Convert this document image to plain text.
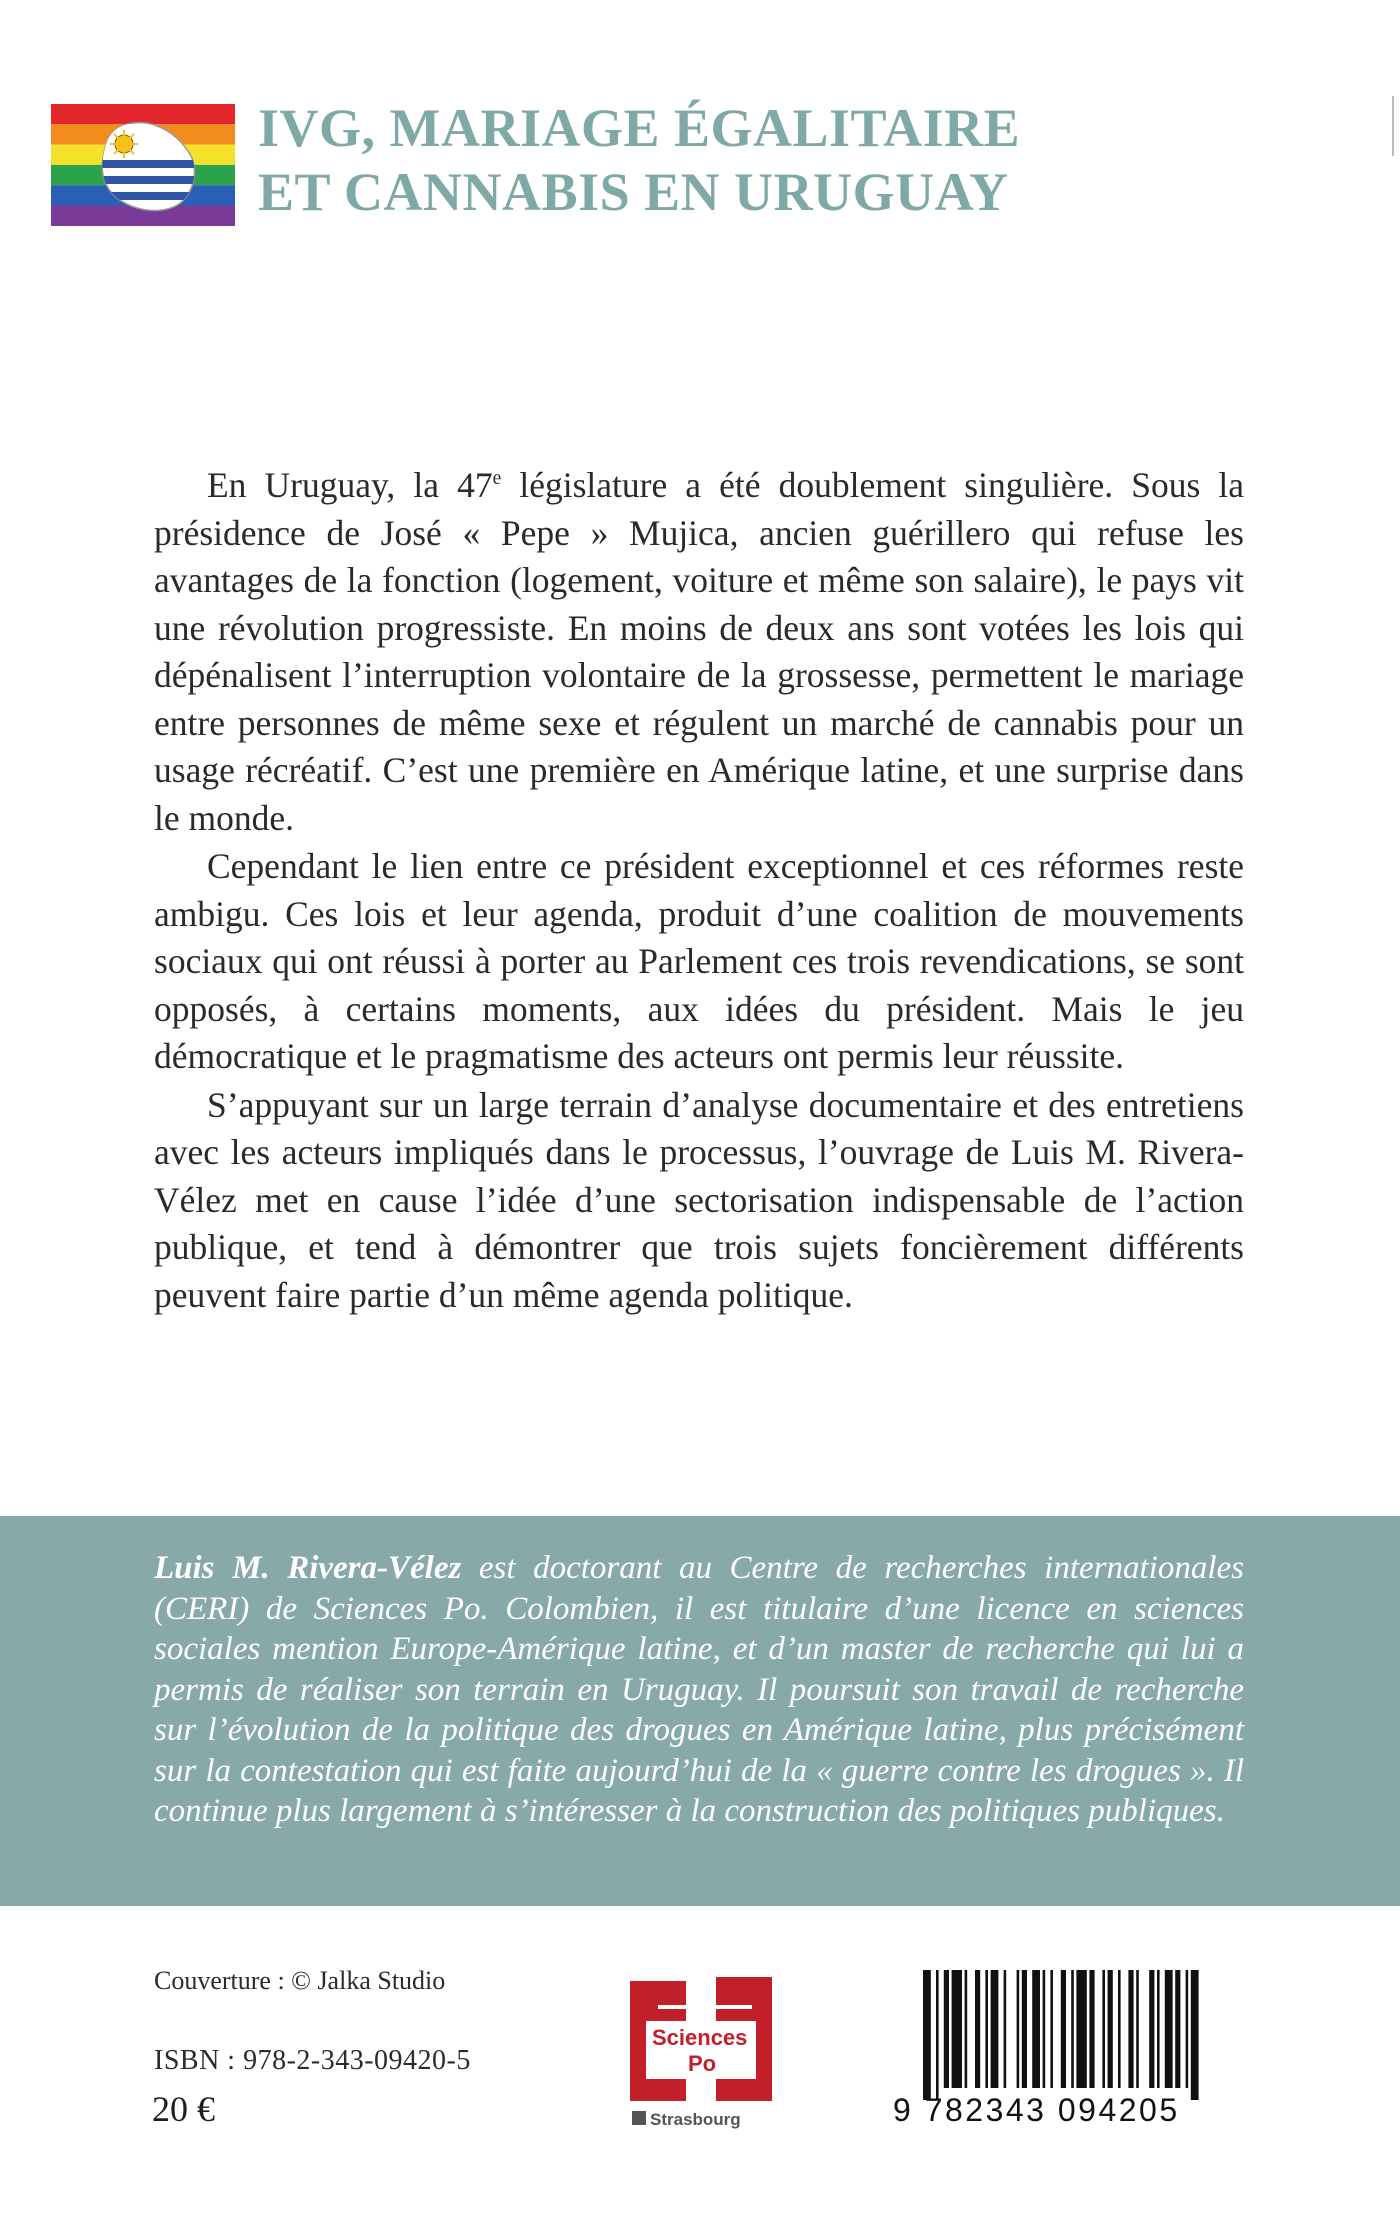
IVG, MARIAGE ÉGALITAIRE
ET CANNABIS EN URUGUAY

En Uruguay, la 47e législature a été doublement singulière. Sous la présidence de José « Pepe » Mujica, ancien guérillero qui refuse les avantages de la fonction (logement, voiture et même son salaire), le pays vit une révolution progressiste. En moins de deux ans sont votées les lois qui dépénalisent l’interruption volontaire de la grossesse, permettent le mariage entre personnes de même sexe et régulent un marché de cannabis pour un usage récréatif. C’est une première en Amérique latine, et une surprise dans le monde.

Cependant le lien entre ce président exceptionnel et ces réformes reste ambigu. Ces lois et leur agenda, produit d’une coalition de mouvements sociaux qui ont réussi à porter au Parlement ces trois revendications, se sont opposés, à certains moments, aux idées du président. Mais le jeu démocratique et le pragmatisme des acteurs ont permis leur réussite.

S’appuyant sur un large terrain d’analyse documentaire et des entretiens avec les acteurs impliqués dans le processus, l’ouvrage de Luis M. Rivera-Vélez met en cause l’idée d’une sectorisation indispensable de l’action publique, et tend à démontrer que trois sujets foncièrement différents peuvent faire partie d’un même agenda politique.

Luis M. Rivera-Vélez est doctorant au Centre de recherches internationales (CERI) de Sciences Po. Colombien, il est titulaire d’une licence en sciences sociales mention Europe-Amérique latine, et d’un master de recherche qui lui a permis de réaliser son terrain en Uruguay. Il poursuit son travail de recherche sur l’évolution de la politique des drogues en Amérique latine, plus précisément sur la contestation qui est faite aujourd’hui de la « guerre contre les drogues ». Il continue plus largement à s’intéresser à la construction des politiques publiques.
Couverture : © Jalka Studio
ISBN : 978-2-343-09420-5
20 €
Sciences
Po
Strasbourg	9 782343 094205
